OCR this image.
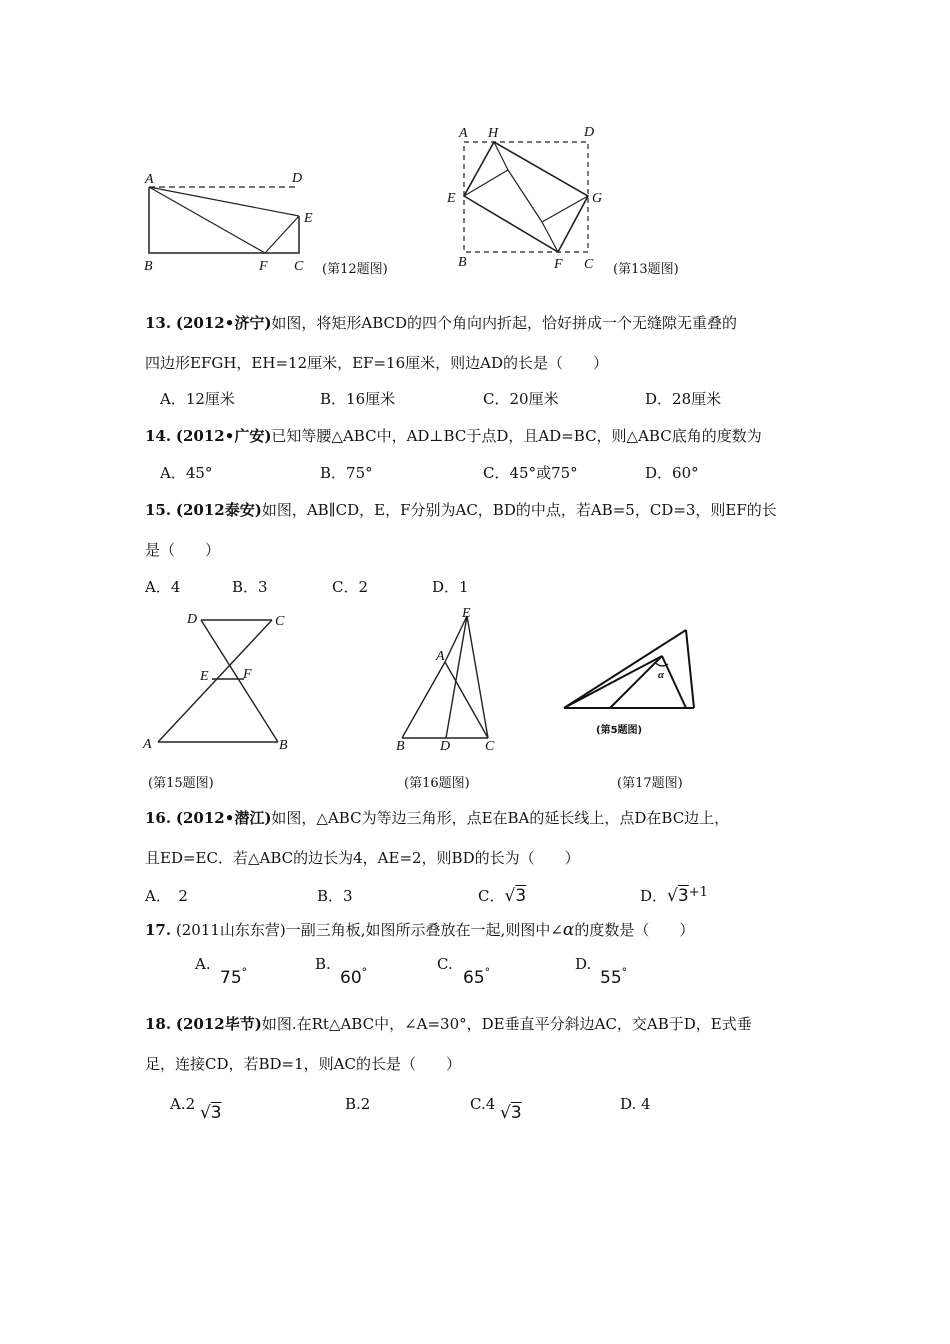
A	D
E
B	F C (第12题图)
A H	D
E	G
B	F C (第13题图)
13. (2012•济宁)如图，将矩形ABCD的四个角向内折起，恰好拼成一个无缝隙无重叠的
四边形EFGH，EH=12厘米，EF=16厘米，则边AD的长是（　　）
A．12厘米	B．16厘米	C．20厘米	D．28厘米
14. (2012•广安)已知等腰△ABC中，AD⊥BC于点D，且AD=BC，则△ABC底角的度数为
A．45°	B．75°	C．45°或75°	D．60°
15. (2012泰安)如图，AB∥CD，E，F分别为AC，BD的中点，若AB=5，CD=3，则EF的长
是（　　）
A．4	B．3	C．2	D．1
D	C
E F
A	B
(第15题图)
E
A
B	D C
(第16题图)
α
(第5题图)
(第17题图)
16. (2012•潜江)如图，△ABC为等边三角形，点E在BA的延长线上，点D在BC边上，
且ED=EC．若△ABC的边长为4，AE=2，则BD的长为（　　）
A．　2	B．3	C．√3	D．√3+1
17. (2011山东东营)一副三角板,如图所示叠放在一起,则图中∠α的度数是（　　）
A.
75°	B.
60°	C.
65°	D.
55°
18. (2012毕节)如图.在Rt△ABC中，∠A=30°，DE垂直平分斜边AC，交AB于D，E式垂
足，连接CD，若BD=1，则AC的长是（　　）
A.2 √3	B.2	C.4 √3	D. 4
